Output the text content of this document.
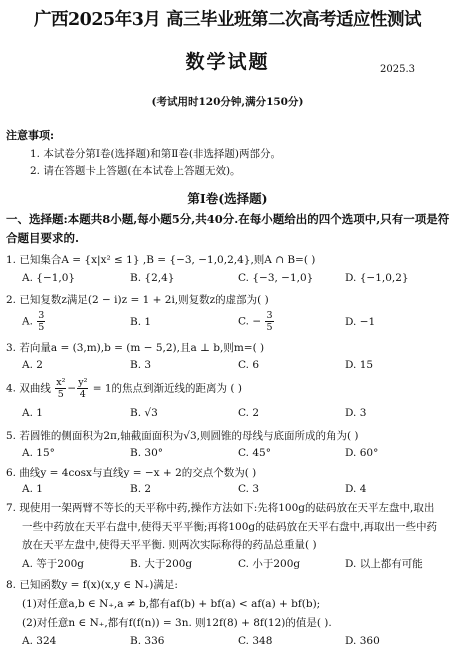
广西2025年3月 高三毕业班第二次高考适应性测试
数学试题	2025.3
(考试用时120分钟,满分150分)
注意事项:
1. 本试卷分第Ⅰ卷(选择题)和第Ⅱ卷(非选择题)两部分。
2. 请在答题卡上答题(在本试卷上答题无效)。
第Ⅰ卷(选择题)
一、选择题:本题共8小题,每小题5分,共40分.在每小题给出的四个选项中,只有一项是符合题目要求的.
1. 已知集合A = {x|x² ≤ 1} ,B = {−3, −1,0,2,4},则A ∩ B=( )
A. {−1,0}	B. {2,4}	C. {−3, −1,0}	D. {−1,0,2}
2. 已知复数z满足(2 − i)z = 1 + 2i,则复数z的虚部为( )
A. $\frac{3}{5}$	B. 1	C. − $\frac{3}{5}$	D. −1
3. 若向量a = (3,m),b = (m − 5,2),且a ⊥ b,则m=( )
A. 2	B. 3	C. 6	D. 15
4. 双曲线 $\frac{\text{x²}}{5} - \frac{\text{y²}}{4} = 1$的焦点到渐近线的距离为 ( )
A. 1	B. √3	C. 2	D. 3
5. 若圆锥的侧面积为2π,轴截面面积为√3,则圆锥的母线与底面所成的角为( )
A. 15°	B. 30°	C. 45°	D. 60°
6. 曲线y = 4cosx与直线y = −x + 2的交点个数为( )
A. 1	B. 2	C. 3	D. 4
7. 现使用一架两臂不等长的天平称中药,操作方法如下:先将100g的砝码放在天平左盘中,取出
一些中药放在天平右盘中,使得天平平衡;再将100g的砝码放在天平右盘中,再取出一些中药
放在天平左盘中,使得天平平衡. 则两次实际称得的药品总重量( )
A. 等于200g	B. 大于200g	C. 小于200g	D. 以上都有可能
8. 已知函数y = f(x)(x,y ∈ N₊)满足:
(1)对任意a,b ∈ N₊,a ≠ b,都有af(b) + bf(a) < af(a) + bf(b);
(2)对任意n ∈ N₊,都有f(f(n)) = 3n. 则12f(8) + 8f(12)的值是( ).
A. 324	B. 336	C. 348	D. 360
